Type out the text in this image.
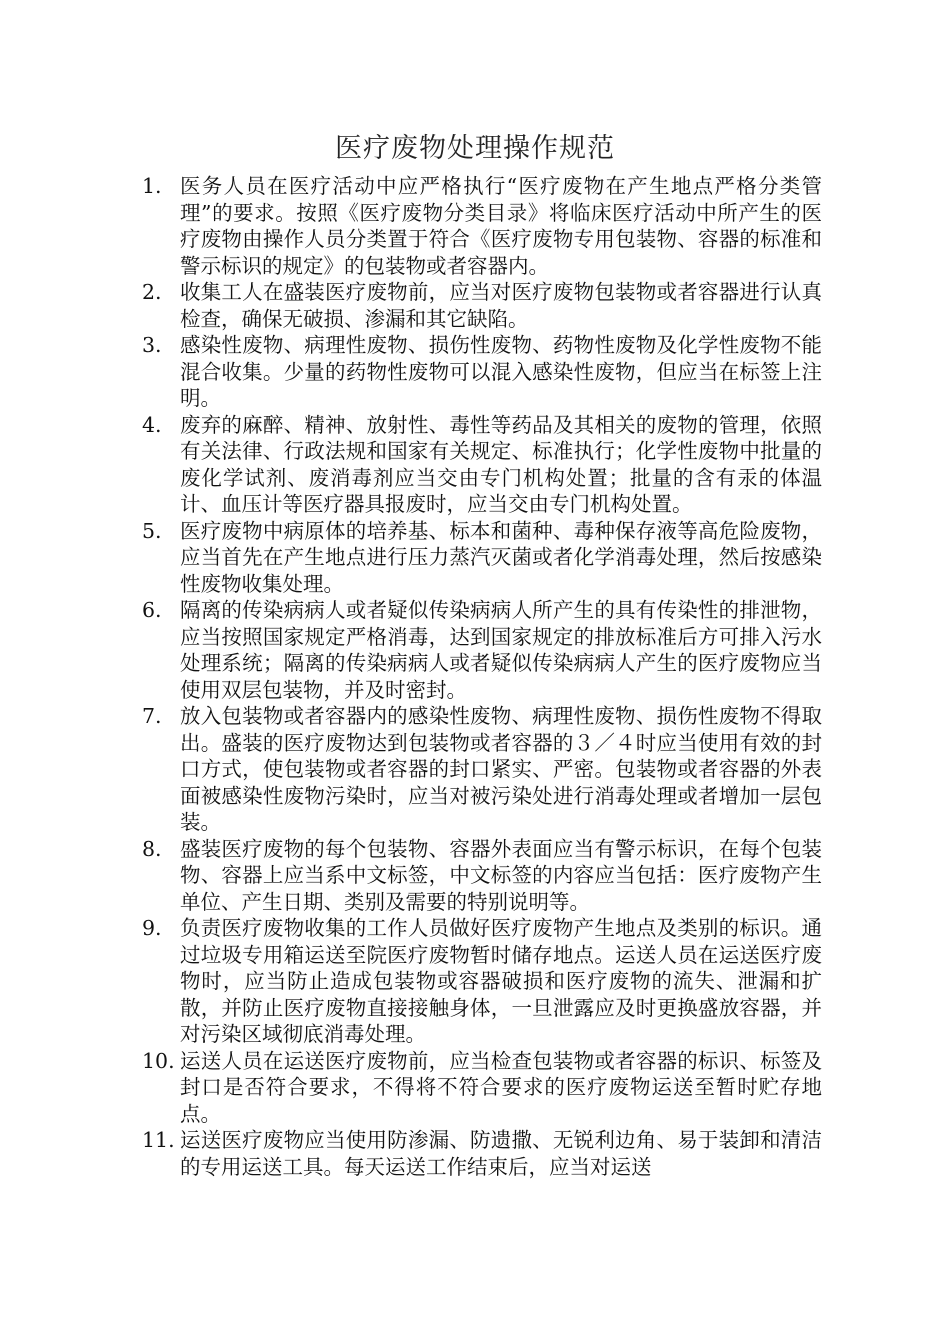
医疗废物处理操作规范
1. 医务人员在医疗活动中应严格执行“医疗废物在产生地点严格分类管理”的要求。按照《医疗废物分类目录》将临床医疗活动中所产生的医疗废物由操作人员分类置于符合《医疗废物专用包装物、容器的标准和警示标识的规定》的包装物或者容器内。
2. 收集工人在盛装医疗废物前，应当对医疗废物包装物或者容器进行认真检查，确保无破损、渗漏和其它缺陷。
3. 感染性废物、病理性废物、损伤性废物、药物性废物及化学性废物不能混合收集。少量的药物性废物可以混入感染性废物，但应当在标签上注明。
4. 废弃的麻醉、精神、放射性、毒性等药品及其相关的废物的管理，依照有关法律、行政法规和国家有关规定、标准执行；化学性废物中批量的废化学试剂、废消毒剂应当交由专门机构处置；批量的含有汞的体温计、血压计等医疗器具报废时，应当交由专门机构处置。
5. 医疗废物中病原体的培养基、标本和菌种、毒种保存液等高危险废物，应当首先在产生地点进行压力蒸汽灭菌或者化学消毒处理，然后按感染性废物收集处理。
6. 隔离的传染病病人或者疑似传染病病人所产生的具有传染性的排泄物，应当按照国家规定严格消毒，达到国家规定的排放标准后方可排入污水处理系统；隔离的传染病病人或者疑似传染病病人产生的医疗废物应当使用双层包装物，并及时密封。
7. 放入包装物或者容器内的感染性废物、病理性废物、损伤性废物不得取出。盛装的医疗废物达到包装物或者容器的３／４时应当使用有效的封口方式，使包装物或者容器的封口紧实、严密。包装物或者容器的外表面被感染性废物污染时，应当对被污染处进行消毒处理或者增加一层包装。
8. 盛装医疗废物的每个包装物、容器外表面应当有警示标识，在每个包装物、容器上应当系中文标签，中文标签的内容应当包括：医疗废物产生单位、产生日期、类别及需要的特别说明等。
9. 负责医疗废物收集的工作人员做好医疗废物产生地点及类别的标识。通过垃圾专用箱运送至院医疗废物暂时储存地点。运送人员在运送医疗废物时，应当防止造成包装物或容器破损和医疗废物的流失、泄漏和扩散，并防止医疗废物直接接触身体，一旦泄露应及时更换盛放容器，并对污染区域彻底消毒处理。
10. 运送人员在运送医疗废物前，应当检查包装物或者容器的标识、标签及封口是否符合要求，不得将不符合要求的医疗废物运送至暂时贮存地点。
11. 运送医疗废物应当使用防渗漏、防遗撒、无锐利边角、易于装卸和清洁的专用运送工具。每天运送工作结束后，应当对运送
